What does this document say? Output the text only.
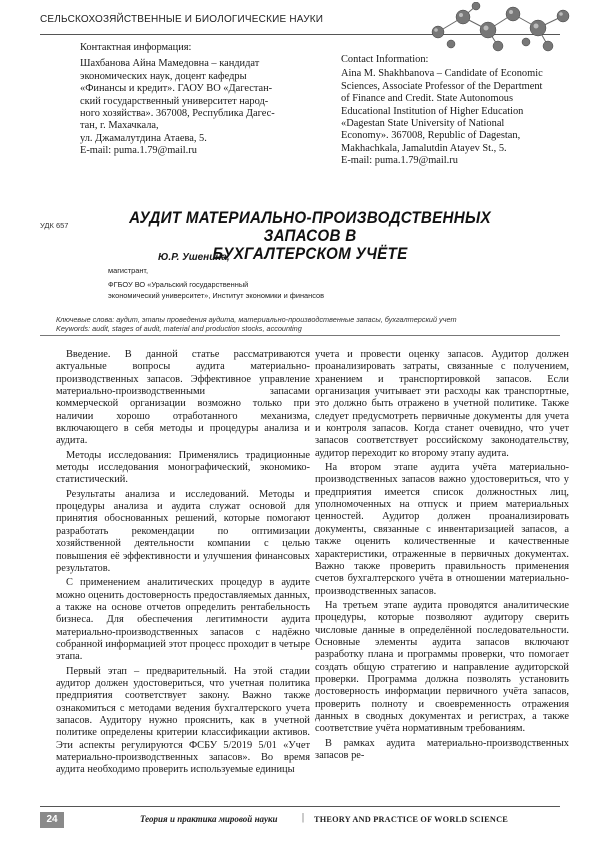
СЕЛЬСКОХОЗЯЙСТВЕННЫЕ И БИОЛОГИЧЕСКИЕ НАУКИ

Контактная информация:

Шахбанова Айна Мамедовна – кандидат

экономических наук, доцент кафедры

«Финансы и кредит». ГАОУ ВО «Дагестан-

ский государственный университет народ-

ного хозяйства». 367008, Республика Дагес-

тан, г. Махачкала,

ул. Джамалутдина Атаева, 5.

E-mail: puma.1.79@mail.ru

Contact Information:

Aina M. Shakhbanova – Candidate of Economic

Sciences, Associate Professor of the Department

of Finance and Credit. State Autonomous

Educational Institution of Higher Education

«Dagestan State University of National

Economy». 367008, Republic of Dagestan,

Makhachkala, Jamalutdin Atayev St., 5.

E-mail: puma.1.79@mail.ru

УДК 657	АУДИТ МАТЕРИАЛЬНО-ПРОИЗВОДСТВЕННЫХ ЗАПАСОВ В
БУХГАЛТЕРСКОМ УЧЁТЕ
Ю.Р. Ушенина,
магистрант,
ФГБОУ ВО «Уральский государственный
экономический университет», Институт экономики и финансов
Ключевые слова: аудит, этапы проведения аудита, материально-производственные запасы, бухгалтерский учет
Keywords: audit, stages of audit, material and production stocks, accounting

Введение. В данной статье рассматриваются актуальные вопросы аудита материально-производственных запасов. Эффективное управление материально-производственными запасами коммерческой организации возможно только при наличии хорошо отработанного механизма, включающего в себя методы и процедуры анализа и аудита.

Методы исследования: Применялись традиционные методы исследования монографический, экономико-статистический.

Результаты анализа и исследований. Методы и процедуры анализа и аудита служат основой для принятия обоснованных решений, которые помогают разработать рекомендации по оптимизации хозяйственной деятельности компании с целью повышения её эффективности и улучшения финансовых результатов.

С применением аналитических процедур в аудите можно оценить достоверность предоставляемых данных, а также на основе отчетов определить рентабельность бизнеса. Для обеспечения легитимности аудита материально-производственных запасов с надёжно собранной информацией этот процесс проходит в четыре этапа.

Первый этап – предварительный. На этой стадии аудитор должен удостовериться, что учетная политика предприятия соответствует закону. Важно также ознакомиться с методами ведения бухгалтерского учета запасов. Аудитору нужно прояснить, как в учетной политике определены критерии классификации активов. Эти аспекты регулируются ФСБУ 5/2019 5/01 «Учет материально-производственных запасов». Во время аудита необходимо проверить используемые единицы

учета и провести оценку запасов. Аудитор должен проанализировать затраты, связанные с получением, хранением и транспортировкой запасов. Если организация учитывает эти расходы как транспортные, это должно быть отражено в учетной политике. Также следует предусмотреть первичные документы для учета и контроля запасов. Когда станет очевидно, что учет запасов соответствует российскому законодательству, аудитор переходит ко второму этапу аудита.

На втором этапе аудита учёта материально-производственных запасов важно удостовериться, что у предприятия имеется список должностных лиц, уполномоченных на отпуск и прием материальных ценностей. Аудитор должен проанализировать документы, связанные с инвентаризацией запасов, а также оценить количественные и качественные характеристики, отраженные в первичных документах. Важно также проверить правильность применения счетов бухгалтерского учёта в отношении материально-производственных запасов.

На третьем этапе аудита проводятся аналитические процедуры, которые позволяют аудитору сверить числовые данные в определённой последовательности. Основные элементы аудита запасов включают разработку плана и программы проверки, что помогает создать общую стратегию и направление аудиторской проверки. Программа должна позволять установить достоверность информации первичного учёта запасов, проверить полноту и своевременность отражения данных в сводных документах и регистрах, а также соответствие учёта нормативным требованиям.

В рамках аудита материально-производственных запасов ре-

24	Теория и практика мировой науки | THEORY AND PRACTICE OF WORLD SCIENCE
